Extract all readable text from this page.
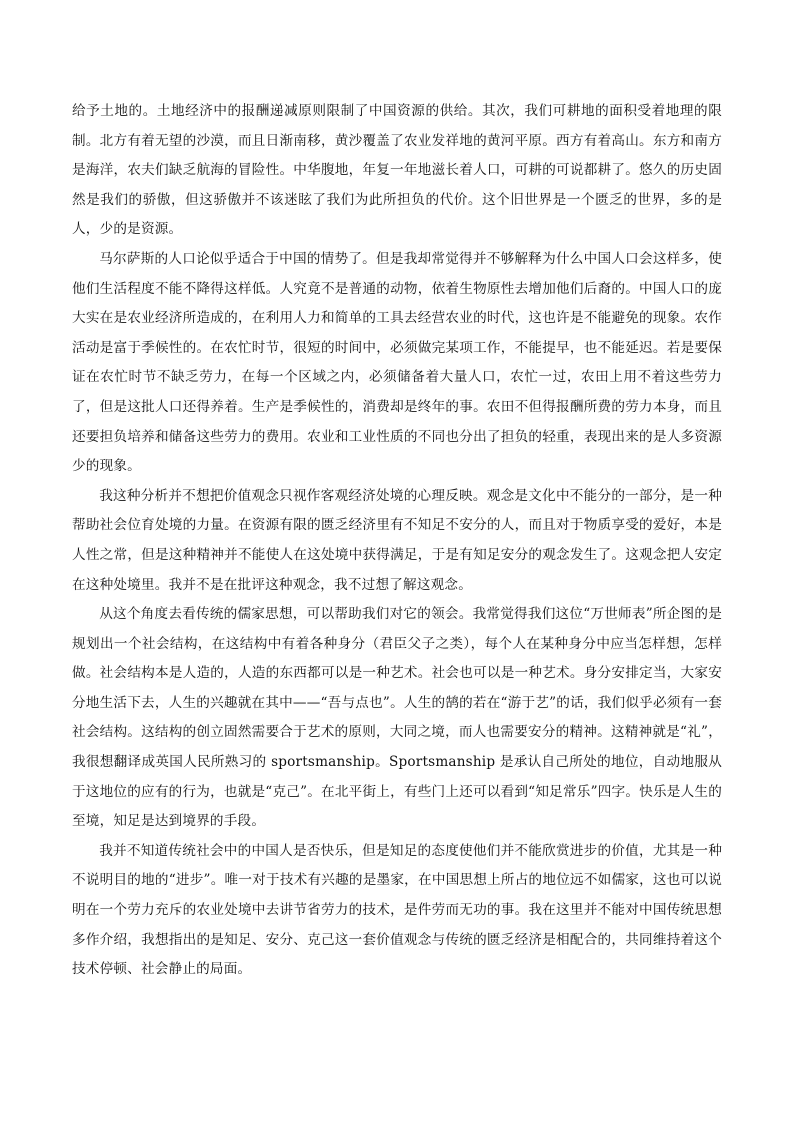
给予土地的。土地经济中的报酬递减原则限制了中国资源的供给。其次，我们可耕地的面积受着地理的限制。北方有着无望的沙漠，而且日渐南移，黄沙覆盖了农业发祥地的黄河平原。西方有着高山。东方和南方是海洋，农夫们缺乏航海的冒险性。中华腹地，年复一年地滋长着人口，可耕的可说都耕了。悠久的历史固然是我们的骄傲，但这骄傲并不该迷眩了我们为此所担负的代价。这个旧世界是一个匮乏的世界，多的是人，少的是资源。

马尔萨斯的人口论似乎适合于中国的情势了。但是我却常觉得并不够解释为什么中国人口会这样多，使他们生活程度不能不降得这样低。人究竟不是普通的动物，依着生物原性去增加他们后裔的。中国人口的庞大实在是农业经济所造成的，在利用人力和简单的工具去经营农业的时代，这也许是不能避免的现象。农作活动是富于季候性的。在农忙时节，很短的时间中，必须做完某项工作，不能提早，也不能延迟。若是要保证在农忙时节不缺乏劳力，在每一个区域之内，必须储备着大量人口，农忙一过，农田上用不着这些劳力了，但是这批人口还得养着。生产是季候性的，消费却是终年的事。农田不但得报酬所费的劳力本身，而且还要担负培养和储备这些劳力的费用。农业和工业性质的不同也分出了担负的轻重，表现出来的是人多资源少的现象。

我这种分析并不想把价值观念只视作客观经济处境的心理反映。观念是文化中不能分的一部分，是一种帮助社会位育处境的力量。在资源有限的匮乏经济里有不知足不安分的人，而且对于物质享受的爱好，本是人性之常，但是这种精神并不能使人在这处境中获得满足，于是有知足安分的观念发生了。这观念把人安定在这种处境里。我并不是在批评这种观念，我不过想了解这观念。

从这个角度去看传统的儒家思想，可以帮助我们对它的领会。我常觉得我们这位“万世师表”所企图的是规划出一个社会结构，在这结构中有着各种身分（君臣父子之类），每个人在某种身分中应当怎样想，怎样做。社会结构本是人造的，人造的东西都可以是一种艺术。社会也可以是一种艺术。身分安排定当，大家安分地生活下去，人生的兴趣就在其中——“吾与点也”。人生的鹄的若在“游于艺”的话，我们似乎必须有一套社会结构。这结构的创立固然需要合于艺术的原则，大同之境，而人也需要安分的精神。这精神就是“礼”，我很想翻译成英国人民所熟习的 sportsmanship。Sportsmanship 是承认自己所处的地位，自动地服从于这地位的应有的行为，也就是“克己”。在北平街上，有些门上还可以看到“知足常乐”四字。快乐是人生的至境，知足是达到境界的手段。

我并不知道传统社会中的中国人是否快乐，但是知足的态度使他们并不能欣赏进步的价值，尤其是一种不说明目的地的“进步”。唯一对于技术有兴趣的是墨家，在中国思想上所占的地位远不如儒家，这也可以说明在一个劳力充斥的农业处境中去讲节省劳力的技术，是件劳而无功的事。我在这里并不能对中国传统思想多作介绍，我想指出的是知足、安分、克己这一套价值观念与传统的匮乏经济是相配合的，共同维持着这个技术停顿、社会静止的局面。
